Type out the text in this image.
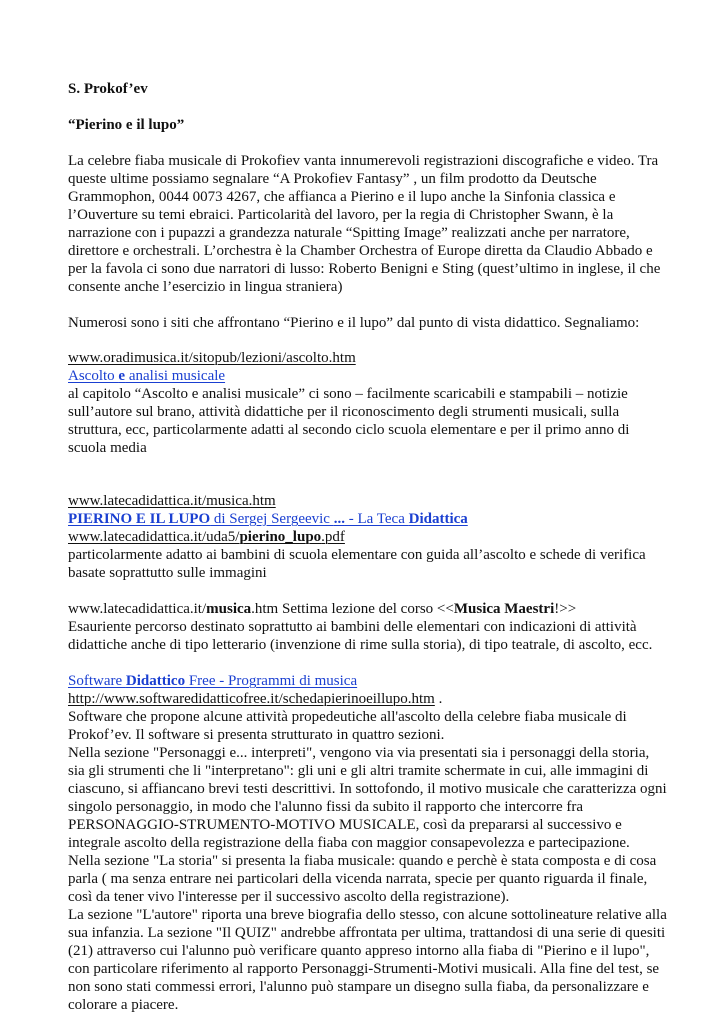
S. Prokof’ev

“Pierino e il lupo”

La celebre fiaba musicale di Prokofiev vanta innumerevoli registrazioni discografiche e video. Tra queste ultime possiamo segnalare “A Prokofiev Fantasy” , un film prodotto da Deutsche Grammophon, 0044 0073 4267, che affianca a Pierino e il lupo anche la Sinfonia classica e l’Ouverture su temi ebraici. Particolarità del lavoro, per la regia di Christopher Swann, è la narrazione con i pupazzi a grandezza naturale “Spitting Image” realizzati anche per narratore, direttore e orchestrali. L’orchestra è la Chamber Orchestra of Europe diretta da Claudio Abbado e per la favola ci sono due narratori di lusso: Roberto Benigni e Sting (quest’ultimo in inglese, il che consente anche l’esercizio in lingua straniera)

Numerosi sono i siti che affrontano “Pierino e il lupo” dal punto di vista didattico. Segnaliamo:

www.oradimusica.it/sitopub/lezioni/ascolto.htm

Ascolto e analisi musicale

al capitolo “Ascolto e analisi musicale” ci sono – facilmente scaricabili e stampabili – notizie sull’autore sul brano, attività didattiche per il riconoscimento degli strumenti musicali, sulla struttura, ecc, particolarmente adatti al secondo ciclo scuola elementare e per il primo anno di scuola media

www.latecadidattica.it/musica.htm

PIERINO E IL LUPO di Sergej Sergeevic ... - La Teca Didattica

www.latecadidattica.it/uda5/pierino_lupo.pdf

particolarmente adatto ai bambini di scuola elementare con guida all’ascolto e schede di verifica basate soprattutto sulle immagini

www.latecadidattica.it/musica.htm Settima lezione del corso <<Musica Maestri!>>

Esauriente percorso destinato soprattutto ai bambini delle elementari con indicazioni di attività didattiche anche di tipo letterario (invenzione di rime sulla storia), di tipo teatrale, di ascolto, ecc.

Software Didattico Free - Programmi di musica

http://www.softwaredidatticofree.it/schedapierinoeillupo.htm .

Software che propone alcune attività propedeutiche all'ascolto della celebre fiaba musicale di Prokof’ev. Il software si presenta strutturato in quattro sezioni.

Nella sezione "Personaggi e... interpreti", vengono via via presentati sia i personaggi della storia, sia gli strumenti che li "interpretano": gli uni e gli altri tramite schermate in cui, alle immagini di ciascuno, si affiancano brevi testi descrittivi. In sottofondo, il motivo musicale che caratterizza ogni singolo personaggio, in modo che l'alunno fissi da subito il rapporto che intercorre fra PERSONAGGIO-STRUMENTO-MOTIVO MUSICALE, così da prepararsi al successivo e integrale ascolto della registrazione della fiaba con maggior consapevolezza e partecipazione.

Nella sezione "La storia" si presenta la fiaba musicale: quando e perchè è stata composta e di cosa parla ( ma senza entrare nei particolari della vicenda narrata, specie per quanto riguarda il finale, così da tener vivo l'interesse per il successivo ascolto della registrazione).

La sezione "L'autore" riporta una breve biografia dello stesso, con alcune sottolineature relative alla sua infanzia. La sezione "Il QUIZ" andrebbe affrontata per ultima, trattandosi di una serie di quesiti (21) attraverso cui l'alunno può verificare quanto appreso intorno alla fiaba di "Pierino e il lupo", con particolare riferimento al rapporto Personaggi-Strumenti-Motivi musicali. Alla fine del test, se non sono stati commessi errori, l'alunno può stampare un disegno sulla fiaba, da personalizzare e colorare a piacere.
